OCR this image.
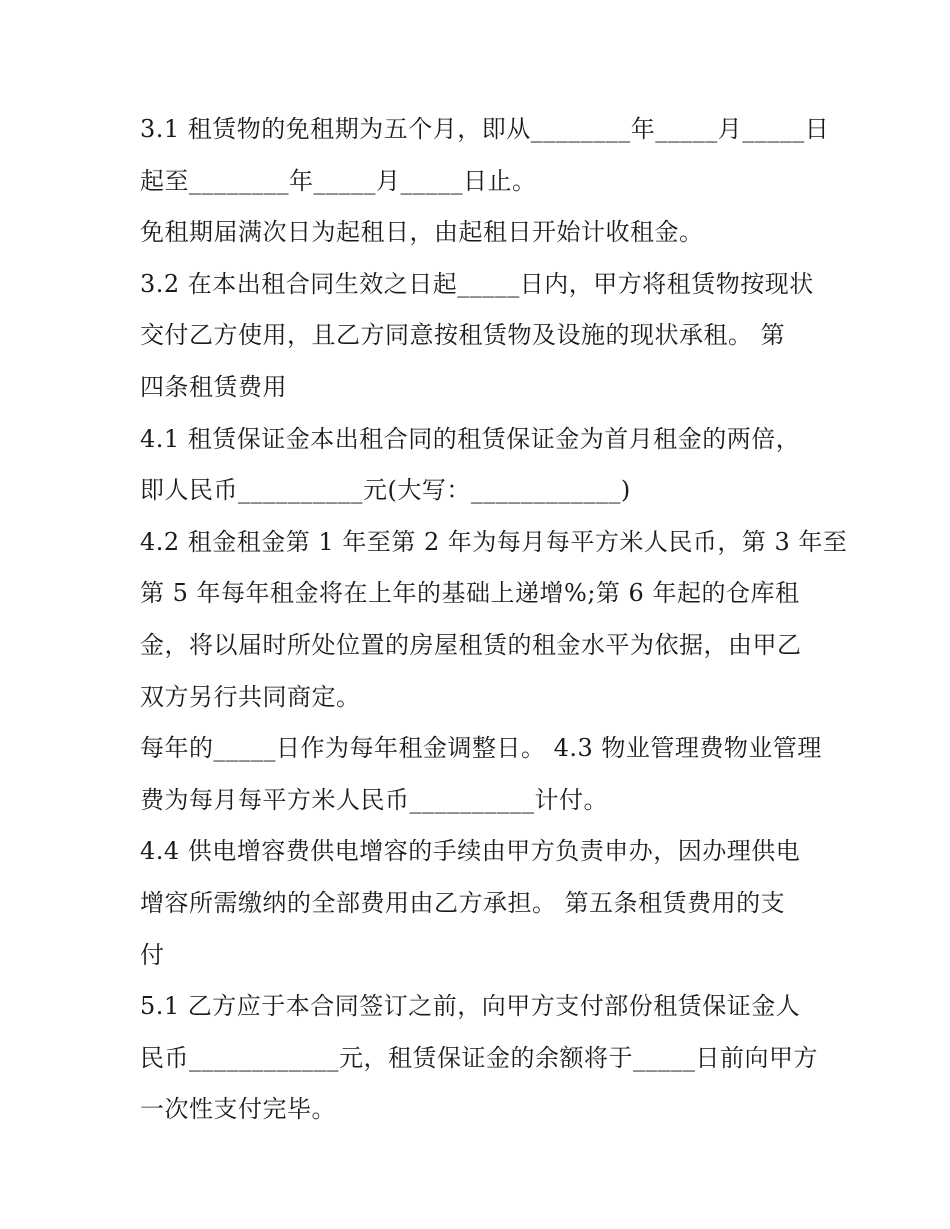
3.1 租赁物的免租期为五个月，即从________年_____月_____日
起至________年_____月_____日止。
免租期届满次日为起租日，由起租日开始计收租金。
3.2 在本出租合同生效之日起_____日内，甲方将租赁物按现状
交付乙方使用，且乙方同意按租赁物及设施的现状承租。 第
四条租赁费用
4.1 租赁保证金本出租合同的租赁保证金为首月租金的两倍，
即人民币__________元(大写：____________)
4.2 租金租金第 1 年至第 2 年为每月每平方米人民币，第 3 年至
第 5 年每年租金将在上年的基础上递增%;第 6 年起的仓库租
金，将以届时所处位置的房屋租赁的租金水平为依据，由甲乙
双方另行共同商定。
每年的_____日作为每年租金调整日。 4.3 物业管理费物业管理
费为每月每平方米人民币__________计付。
4.4 供电增容费供电增容的手续由甲方负责申办，因办理供电
增容所需缴纳的全部费用由乙方承担。 第五条租赁费用的支
付
5.1 乙方应于本合同签订之前，向甲方支付部份租赁保证金人
民币____________元，租赁保证金的余额将于_____日前向甲方
一次性支付完毕。
